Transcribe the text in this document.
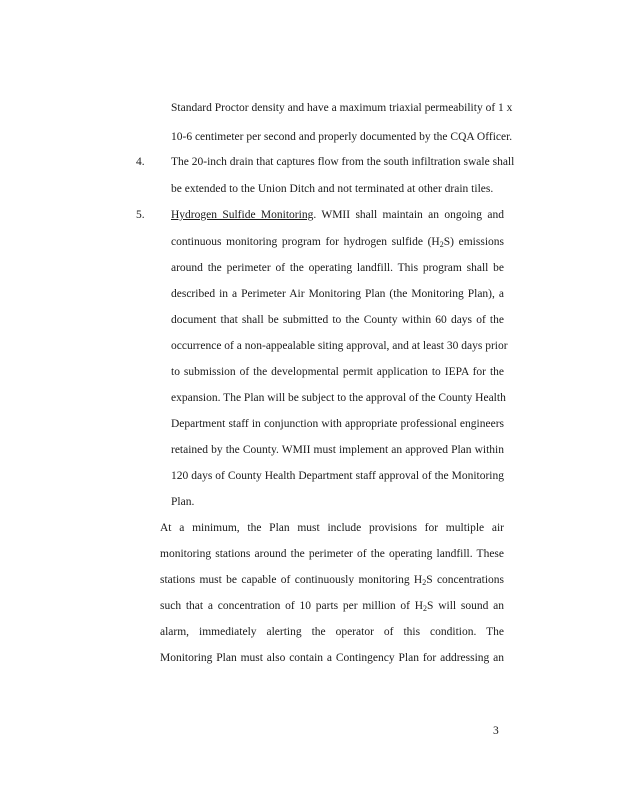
Standard Proctor density and have a maximum triaxial permeability of 1 x
10-6 centimeter per second and properly documented by the CQA Officer.
4. The 20-inch drain that captures flow from the south infiltration swale shall
be extended to the Union Ditch and not terminated at other drain tiles.
5. Hydrogen Sulfide Monitoring. WMII shall maintain an ongoing and
continuous monitoring program for hydrogen sulfide $(H_2S)$ emissions
around the perimeter of the operating landfill. This program shall be
described in a Perimeter Air Monitoring Plan (the Monitoring Plan), a
document that shall be submitted to the County within 60 days of the
occurrence of a non-appealable siting approval, and at least 30 days prior
to submission of the developmental permit application to IEPA for the
expansion. The Plan will be subject to the approval of the County Health
Department staff in conjunction with appropriate professional engineers
retained by the County. WMII must implement an approved Plan within
120 days of County Health Department staff approval of the Monitoring
Plan.
At a minimum, the Plan must include provisions for multiple air
monitoring stations around the perimeter of the operating landfill. These
stations must be capable of continuously monitoring $H_2S$ concentrations
such that a concentration of 10 parts per million of $H_2S$ will sound an
alarm, immediately alerting the operator of this condition. The
Monitoring Plan must also contain a Contingency Plan for addressing an
3
